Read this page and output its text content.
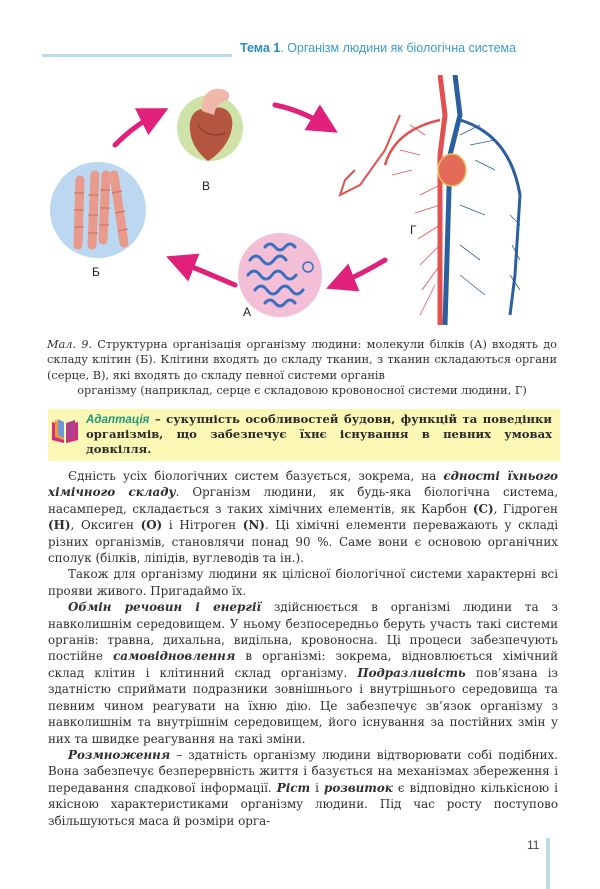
Тема 1. Організм людини як біологічна система
В
Б
А
Г
Мал. 9. Структурна організація організму людини: молекули білків (А) входять до складу клітин (Б). Клітини входять до складу тканин, з тканин складаються органи (серце, В), які входять до складу певної системи органів
організму (наприклад, серце є складовою кровоносної системи людини, Г)
Адаптація – сукупність особливостей будови, функцій та поведінки організмів, що забезпечує їхнє існування в певних умовах довкілля.

Єдність усіх біологічних систем базується, зокрема, на єдності їхнього хімічного складу. Організм людини, як будь-яка біологічна система, насамперед, складається з таких хімічних елементів, як Карбон (C), Гідроген (H), Оксиген (O) і Нітроген (N). Ці хімічні елементи переважають у складі різних організмів, становлячи понад 90 %. Саме вони є основою органічних сполук (білків, ліпідів, вуглеводів та ін.).

Також для організму людини як цілісної біологічної системи характерні всі прояви живого. Пригадаймо їх.

Обмін речовин і енергії здійснюється в організмі людини та з навколишнім середовищем. У ньому безпосередньо беруть участь такі системи органів: травна, дихальна, видільна, кровоносна. Ці процеси забезпечують постійне самовідновлення в організмі: зокрема, відновлюється хімічний склад клітин і клітинний склад організму. Подразливість пов’язана із здатністю сприймати подразники зовнішнього і внутрішнього середовища та певним чином реагувати на їхню дію. Це забезпечує зв’язок організму з навколишнім та внутрішнім середовищем, його існування за постійних змін у них та швидке реагування на такі зміни.

Розмноження – здатність організму людини відтворювати собі подібних. Вона забезпечує безперервність життя і базується на механізмах збереження і передавання спадкової інформації. Ріст і розвиток є відповідно кількісною і якісною характеристиками організму людини. Під час росту поступово збільшуються маса й розміри орга-

11
